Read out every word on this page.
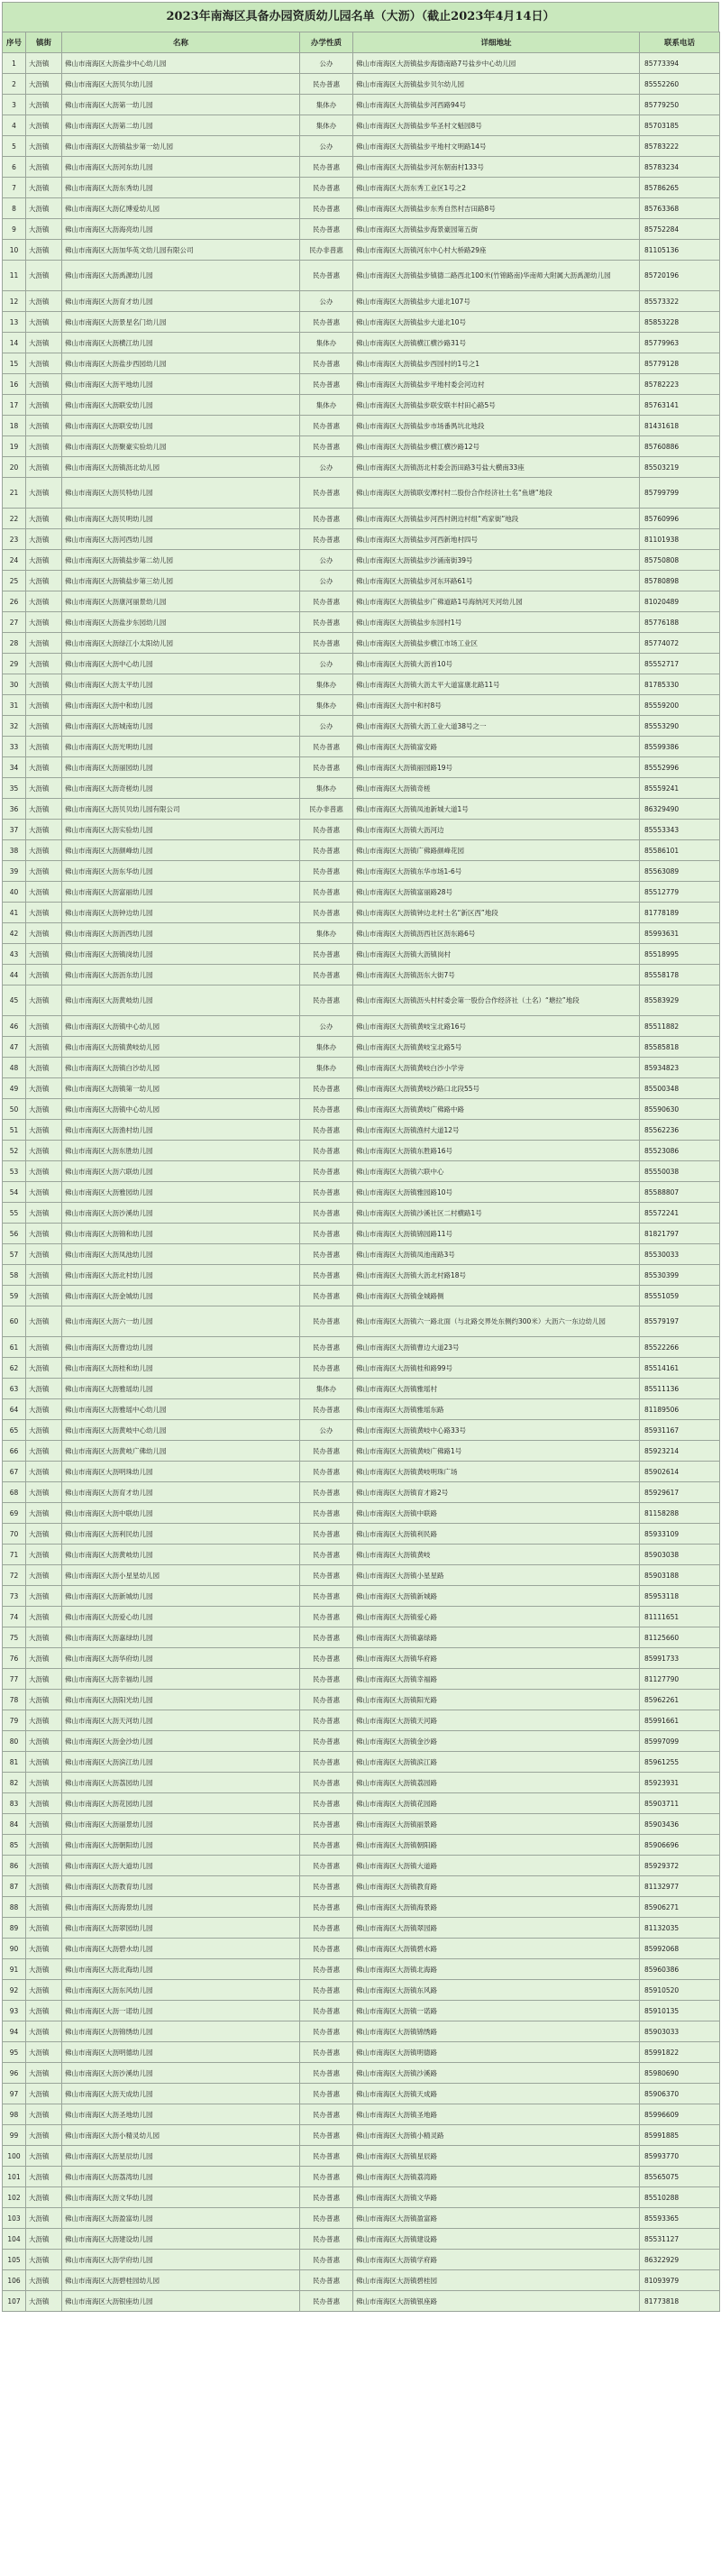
2023年南海区具备办园资质幼儿园名单（大沥）（截止2023年4月14日）
序号	镇街	名称	办学性质	详细地址	联系电话
1	大沥镇	佛山市南海区大沥盐步中心幼儿园	公办	佛山市南海区大沥镇盐步海德南路7号盐步中心幼儿园	85773394
2	大沥镇	佛山市南海区大沥贝尔幼儿园	民办普惠	佛山市南海区大沥镇盐步贝尔幼儿园	85552260
3	大沥镇	佛山市南海区大沥第一幼儿园	集体办	佛山市南海区大沥镇盐步河西路94号	85779250
4	大沥镇	佛山市南海区大沥第二幼儿园	集体办	佛山市南海区大沥镇盐步华圣村文魁园8号	85703185
5	大沥镇	佛山市南海区大沥镇盐步第一幼儿园	公办	佛山市南海区大沥镇盐步平地村文明路14号	85783222
6	大沥镇	佛山市南海区大沥河东幼儿园	民办普惠	佛山市南海区大沥镇盐步河东朝南村133号	85783234
7	大沥镇	佛山市南海区大沥东秀幼儿园	民办普惠	佛山市南海区大沥东秀工业区1号之2	85786265
8	大沥镇	佛山市南海区大沥亿博爱幼儿园	民办普惠	佛山市南海区大沥镇盐步东秀自然村吉田路8号	85763368
9	大沥镇	佛山市南海区大沥海亮幼儿园	民办普惠	佛山市南海区大沥镇盐步海景豪园第五街	85752284
10	大沥镇	佛山市南海区大沥加华英文幼儿园有限公司	民办非普惠	佛山市南海区大沥镇河东中心村大桥路29座	81105136
11	大沥镇	佛山市南海区大沥禹源幼儿园	民办普惠	佛山市南海区大沥镇盐步镇德二路西北100米(竹锦路南)华南师大附属大沥禹源幼儿园	85720196
12	大沥镇	佛山市南海区大沥育才幼儿园	公办	佛山市南海区大沥镇盐步大道北107号	85573322
13	大沥镇	佛山市南海区大沥景星名门幼儿园	民办普惠	佛山市南海区大沥镇盐步大道北10号	85853228
14	大沥镇	佛山市南海区大沥横江幼儿园	集体办	佛山市南海区大沥镇横江横沙路31号	85779963
15	大沥镇	佛山市南海区大沥盐步西园幼儿园	民办普惠	佛山市南海区大沥镇盐步西园村的1号之1	85779128
16	大沥镇	佛山市南海区大沥平地幼儿园	民办普惠	佛山市南海区大沥镇盐步平地村委会河边村	85782223
17	大沥镇	佛山市南海区大沥联安幼儿园	集体办	佛山市南海区大沥镇盐步联安联丰村田心路5号	85763141
18	大沥镇	佛山市南海区大沥联安幼儿园	民办普惠	佛山市南海区大沥镇盐步市场番禺坑北地段	81431618
19	大沥镇	佛山市南海区大沥聚豪实验幼儿园	民办普惠	佛山市南海区大沥镇盐步横江横沙路12号	85760886
20	大沥镇	佛山市南海区大沥镇沥北幼儿园	公办	佛山市南海区大沥镇沥北村委会沥田路3号盐大横南33座	85503219
21	大沥镇	佛山市南海区大沥贝特幼儿园	民办普惠	佛山市南海区大沥镇联安潭村村二股份合作经济社土名“鱼塘”地段	85799799
22	大沥镇	佛山市南海区大沥贝明幼儿园	民办普惠	佛山市南海区大沥镇盐步河西村朗边村组“鸡家街”地段	85760996
23	大沥镇	佛山市南海区大沥河西幼儿园	民办普惠	佛山市南海区大沥镇盐步河西新地村四号	81101938
24	大沥镇	佛山市南海区大沥镇盐步第二幼儿园	公办	佛山市南海区大沥镇盐步沙涌南街39号	85750808
25	大沥镇	佛山市南海区大沥镇盐步第三幼儿园	公办	佛山市南海区大沥镇盐步河东环路61号	85780898
26	大沥镇	佛山市南海区大沥康河丽景幼儿园	民办普惠	佛山市南海区大沥镇盐步广佛道路1号海纳河天河幼儿园	81020489
27	大沥镇	佛山市南海区大沥盐步东园幼儿园	民办普惠	佛山市南海区大沥镇盐步东园村1号	85776188
28	大沥镇	佛山市南海区大沥绿江小太阳幼儿园	民办普惠	佛山市南海区大沥镇盐步横江市场工业区	85774072
29	大沥镇	佛山市南海区大沥中心幼儿园	公办	佛山市南海区大沥镇大沥首10号	85552717
30	大沥镇	佛山市南海区大沥太平幼儿园	集体办	佛山市南海区大沥镇大沥太平大道富康北路11号	81785330
31	大沥镇	佛山市南海区大沥中和幼儿园	集体办	佛山市南海区大沥中和村8号	85559200
32	大沥镇	佛山市南海区大沥城南幼儿园	公办	佛山市南海区大沥镇大沥工业大道38号之一	85553290
33	大沥镇	佛山市南海区大沥光明幼儿园	民办普惠	佛山市南海区大沥镇富安路	85599386
34	大沥镇	佛山市南海区大沥丽园幼儿园	民办普惠	佛山市南海区大沥镇丽园路19号	85552996
35	大沥镇	佛山市南海区大沥奇槎幼儿园	集体办	佛山市南海区大沥镇奇槎	85559241
36	大沥镇	佛山市南海区大沥贝贝幼儿园有限公司	民办非普惠	佛山市南海区大沥镇凤池新城大道1号	86329490
37	大沥镇	佛山市南海区大沥实验幼儿园	民办普惠	佛山市南海区大沥镇大沥河边	85553343
38	大沥镇	佛山市南海区大沥颜峰幼儿园	民办普惠	佛山市南海区大沥镇广佛路颜峰花园	85586101
39	大沥镇	佛山市南海区大沥东华幼儿园	民办普惠	佛山市南海区大沥镇东华市场1-6号	85563089
40	大沥镇	佛山市南海区大沥富丽幼儿园	民办普惠	佛山市南海区大沥镇富丽路28号	85512779
41	大沥镇	佛山市南海区大沥钟边幼儿园	民办普惠	佛山市南海区大沥镇钟边北村土名“新区西”地段	81778189
42	大沥镇	佛山市南海区大沥沥西幼儿园	集体办	佛山市南海区大沥镇沥西社区沥东路6号	85993631
43	大沥镇	佛山市南海区大沥镇岗幼儿园	民办普惠	佛山市南海区大沥镇大沥镇岗村	85518995
44	大沥镇	佛山市南海区大沥沥东幼儿园	民办普惠	佛山市南海区大沥镇沥东大街7号	85558178
45	大沥镇	佛山市南海区大沥黄岐幼儿园	民办普惠	佛山市南海区大沥镇沥头村村委会第一股份合作经济社（土名）“塘拉”地段	85583929
46	大沥镇	佛山市南海区大沥镇中心幼儿园	公办	佛山市南海区大沥镇黄岐宝北路16号	85511882
47	大沥镇	佛山市南海区大沥镇黄岐幼儿园	集体办	佛山市南海区大沥镇黄岐宝北路5号	85585818
48	大沥镇	佛山市南海区大沥镇白沙幼儿园	集体办	佛山市南海区大沥镇黄岐白沙小学旁	85934823
49	大沥镇	佛山市南海区大沥镇第一幼儿园	民办普惠	佛山市南海区大沥镇黄岐沙路口北段55号	85500348
50	大沥镇	佛山市南海区大沥镇中心幼儿园	民办普惠	佛山市南海区大沥镇黄岐广佛路中路	85590630
51	大沥镇	佛山市南海区大沥渔村幼儿园	民办普惠	佛山市南海区大沥镇渔村大道12号	85562236
52	大沥镇	佛山市南海区大沥东胜幼儿园	民办普惠	佛山市南海区大沥镇东胜路16号	85523086
53	大沥镇	佛山市南海区大沥六联幼儿园	民办普惠	佛山市南海区大沥镇六联中心	85550038
54	大沥镇	佛山市南海区大沥雅园幼儿园	民办普惠	佛山市南海区大沥镇雅园路10号	85588807
55	大沥镇	佛山市南海区大沥沙溪幼儿园	民办普惠	佛山市南海区大沥镇沙溪社区二村横路1号	85572241
56	大沥镇	佛山市南海区大沥锦和幼儿园	民办普惠	佛山市南海区大沥镇锦园路11号	81821797
57	大沥镇	佛山市南海区大沥凤池幼儿园	民办普惠	佛山市南海区大沥镇凤池南路3号	85530033
58	大沥镇	佛山市南海区大沥北村幼儿园	民办普惠	佛山市南海区大沥镇大沥北村路18号	85530399
59	大沥镇	佛山市南海区大沥金城幼儿园	民办普惠	佛山市南海区大沥镇金城路侧	85551059
60	大沥镇	佛山市南海区大沥六一幼儿园	民办普惠	佛山市南海区大沥镇六一路北面（与北路交界处东侧约300米）大沥六一东边幼儿园	85579197
61	大沥镇	佛山市南海区大沥曹边幼儿园	民办普惠	佛山市南海区大沥镇曹边大道23号	85522266
62	大沥镇	佛山市南海区大沥桂和幼儿园	民办普惠	佛山市南海区大沥镇桂和路99号	85514161
63	大沥镇	佛山市南海区大沥雅瑶幼儿园	集体办	佛山市南海区大沥镇雅瑶村	85511136
64	大沥镇	佛山市南海区大沥雅瑶中心幼儿园	民办普惠	佛山市南海区大沥镇雅瑶东路	81189506
65	大沥镇	佛山市南海区大沥黄岐中心幼儿园	公办	佛山市南海区大沥镇黄岐中心路33号	85931167
66	大沥镇	佛山市南海区大沥黄岐广佛幼儿园	民办普惠	佛山市南海区大沥镇黄岐广佛路1号	85923214
67	大沥镇	佛山市南海区大沥明珠幼儿园	民办普惠	佛山市南海区大沥镇黄岐明珠广场	85902614
68	大沥镇	佛山市南海区大沥育才幼儿园	民办普惠	佛山市南海区大沥镇育才路2号	85929617
69	大沥镇	佛山市南海区大沥中联幼儿园	民办普惠	佛山市南海区大沥镇中联路	81158288
70	大沥镇	佛山市南海区大沥利民幼儿园	民办普惠	佛山市南海区大沥镇利民路	85933109
71	大沥镇	佛山市南海区大沥黄岐幼儿园	民办普惠	佛山市南海区大沥镇黄岐	85903038
72	大沥镇	佛山市南海区大沥小星星幼儿园	民办普惠	佛山市南海区大沥镇小星星路	85903188
73	大沥镇	佛山市南海区大沥新城幼儿园	民办普惠	佛山市南海区大沥镇新城路	85953118
74	大沥镇	佛山市南海区大沥爱心幼儿园	民办普惠	佛山市南海区大沥镇爱心路	81111651
75	大沥镇	佛山市南海区大沥嘉绿幼儿园	民办普惠	佛山市南海区大沥镇嘉绿路	81125660
76	大沥镇	佛山市南海区大沥华府幼儿园	民办普惠	佛山市南海区大沥镇华府路	85991733
77	大沥镇	佛山市南海区大沥幸福幼儿园	民办普惠	佛山市南海区大沥镇幸福路	81127790
78	大沥镇	佛山市南海区大沥阳光幼儿园	民办普惠	佛山市南海区大沥镇阳光路	85962261
79	大沥镇	佛山市南海区大沥天河幼儿园	民办普惠	佛山市南海区大沥镇天河路	85991661
80	大沥镇	佛山市南海区大沥金沙幼儿园	民办普惠	佛山市南海区大沥镇金沙路	85997099
81	大沥镇	佛山市南海区大沥滨江幼儿园	民办普惠	佛山市南海区大沥镇滨江路	85961255
82	大沥镇	佛山市南海区大沥荔园幼儿园	民办普惠	佛山市南海区大沥镇荔园路	85923931
83	大沥镇	佛山市南海区大沥花园幼儿园	民办普惠	佛山市南海区大沥镇花园路	85903711
84	大沥镇	佛山市南海区大沥丽景幼儿园	民办普惠	佛山市南海区大沥镇丽景路	85903436
85	大沥镇	佛山市南海区大沥朝阳幼儿园	民办普惠	佛山市南海区大沥镇朝阳路	85906696
86	大沥镇	佛山市南海区大沥大道幼儿园	民办普惠	佛山市南海区大沥镇大道路	85929372
87	大沥镇	佛山市南海区大沥教育幼儿园	民办普惠	佛山市南海区大沥镇教育路	81132977
88	大沥镇	佛山市南海区大沥海景幼儿园	民办普惠	佛山市南海区大沥镇海景路	85906271
89	大沥镇	佛山市南海区大沥翠园幼儿园	民办普惠	佛山市南海区大沥镇翠园路	81132035
90	大沥镇	佛山市南海区大沥碧水幼儿园	民办普惠	佛山市南海区大沥镇碧水路	85992068
91	大沥镇	佛山市南海区大沥北海幼儿园	民办普惠	佛山市南海区大沥镇北海路	85960386
92	大沥镇	佛山市南海区大沥东风幼儿园	民办普惠	佛山市南海区大沥镇东风路	85910520
93	大沥镇	佛山市南海区大沥一诺幼儿园	民办普惠	佛山市南海区大沥镇一诺路	85910135
94	大沥镇	佛山市南海区大沥锦绣幼儿园	民办普惠	佛山市南海区大沥镇锦绣路	85903033
95	大沥镇	佛山市南海区大沥明德幼儿园	民办普惠	佛山市南海区大沥镇明德路	85991822
96	大沥镇	佛山市南海区大沥沙溪幼儿园	民办普惠	佛山市南海区大沥镇沙溪路	85980690
97	大沥镇	佛山市南海区大沥天成幼儿园	民办普惠	佛山市南海区大沥镇天成路	85906370
98	大沥镇	佛山市南海区大沥圣地幼儿园	民办普惠	佛山市南海区大沥镇圣地路	85996609
99	大沥镇	佛山市南海区大沥小精灵幼儿园	民办普惠	佛山市南海区大沥镇小精灵路	85991885
100	大沥镇	佛山市南海区大沥星辰幼儿园	民办普惠	佛山市南海区大沥镇星辰路	85993770
101	大沥镇	佛山市南海区大沥荔湾幼儿园	民办普惠	佛山市南海区大沥镇荔湾路	85565075
102	大沥镇	佛山市南海区大沥文华幼儿园	民办普惠	佛山市南海区大沥镇文华路	85510288
103	大沥镇	佛山市南海区大沥盈富幼儿园	民办普惠	佛山市南海区大沥镇盈富路	85593365
104	大沥镇	佛山市南海区大沥建设幼儿园	民办普惠	佛山市南海区大沥镇建设路	85531127
105	大沥镇	佛山市南海区大沥学府幼儿园	民办普惠	佛山市南海区大沥镇学府路	86322929
106	大沥镇	佛山市南海区大沥碧桂园幼儿园	民办普惠	佛山市南海区大沥镇碧桂园	81093979
107	大沥镇	佛山市南海区大沥银座幼儿园	民办普惠	佛山市南海区大沥镇银座路	81773818
